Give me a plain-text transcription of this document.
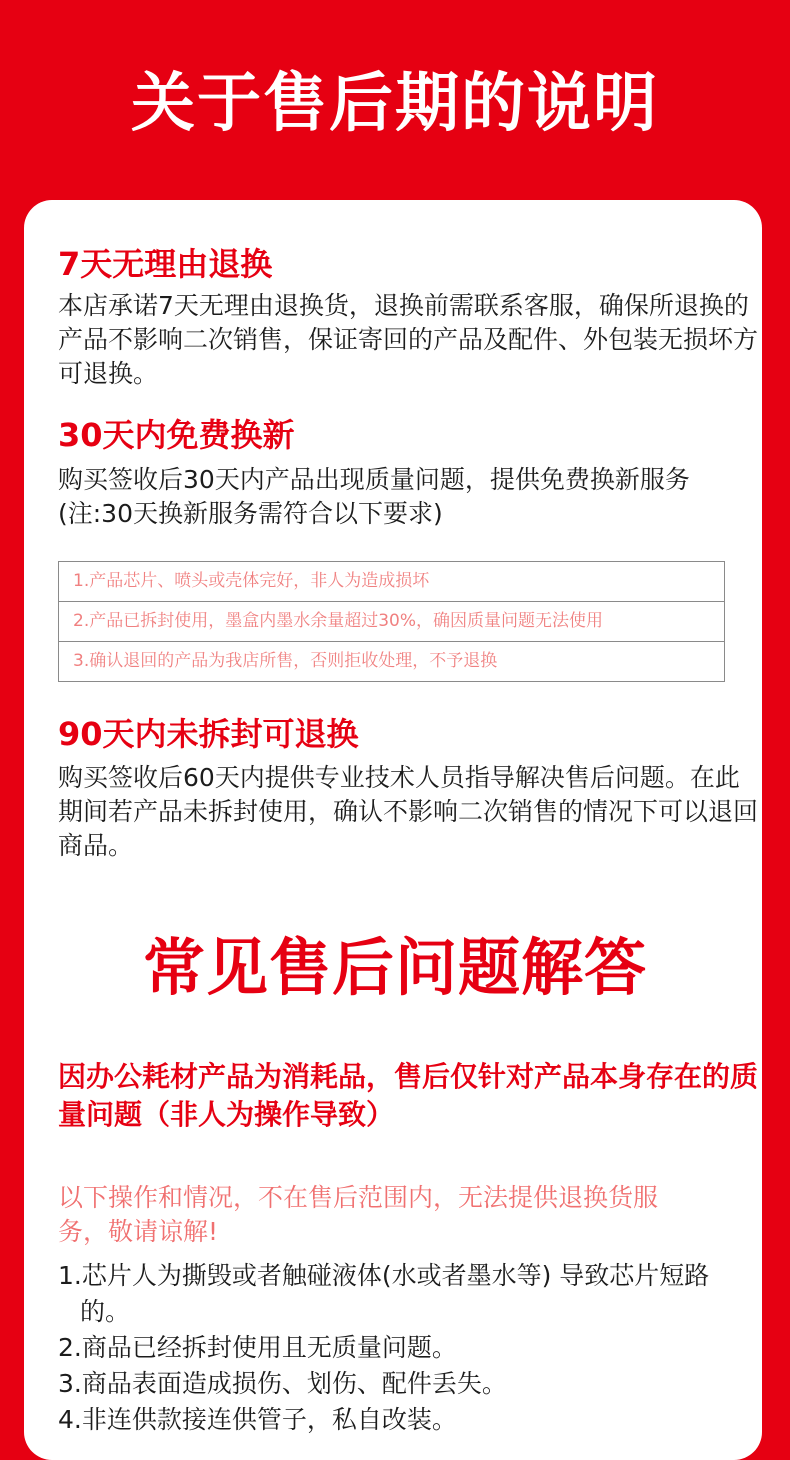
关于售后期的说明
7天无理由退换
本店承诺7天无理由退换货，退换前需联系客服，确保所退换的产品不影响二次销售，保证寄回的产品及配件、外包装无损坏方可退换。
30天内免费换新
购买签收后30天内产品出现质量问题，提供免费换新服务(注:30天换新服务需符合以下要求)
1.产品芯片、喷头或壳体完好，非人为造成损坏
2.产品已拆封使用，墨盒内墨水余量超过30%，确因质量问题无法使用
3.确认退回的产品为我店所售，否则拒收处理，不予退换
90天内未拆封可退换
购买签收后60天内提供专业技术人员指导解决售后问题。在此期间若产品未拆封使用，确认不影响二次销售的情况下可以退回商品。
常见售后问题解答
因办公耗材产品为消耗品，售后仅针对产品本身存在的质量问题（非人为操作导致）
以下操作和情况，不在售后范围内，无法提供退换货服务，敬请谅解!
1.芯片人为撕毁或者触碰液体(水或者墨水等) 导致芯片短路的。
2.商品已经拆封使用且无质量问题。
3.商品表面造成损伤、划伤、配件丢失。
4.非连供款接连供管子，私自改装。
